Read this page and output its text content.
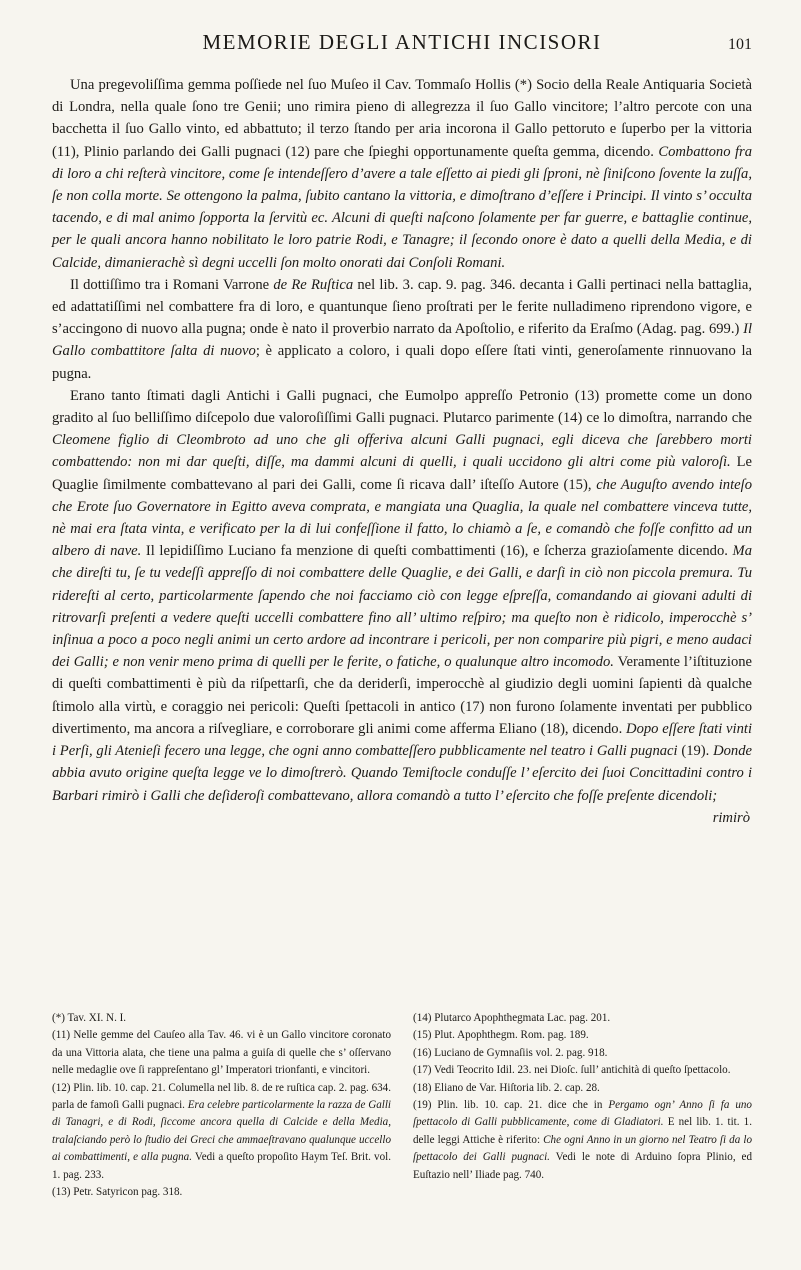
MEMORIE DEGLI ANTICHI INCISORI	101

Una pregevoliſſima gemma poſſiede nel ſuo Muſeo il Cav. Tommaſo Hollis (*) Socio della Reale Antiquaria Società di Londra, nella quale ſono tre Genii; uno rimira pieno di allegrezza il ſuo Gallo vincitore; l’altro percote con una bacchetta il ſuo Gallo vinto, ed abbattuto; il terzo ſtando per aria incorona il Gallo pettoruto e ſuperbo per la vittoria (11), Plinio parlando dei Galli pugnaci (12) pare che ſpieghi opportunamente queſta gemma, dicendo. Combattono fra di loro a chi reſterà vincitore, come ſe intendeſſero d’avere a tale eſſetto ai piedi gli ſproni, nè ſiniſcono ſovente la zuſſa, ſe non colla morte. Se ottengono la palma, ſubito cantano la vittoria, e dimoſtrano d’eſſere i Principi. Il vinto s’ occulta tacendo, e di mal animo ſopporta la ſervitù ec. Alcuni di queſti naſcono ſolamente per far guerre, e battaglie continue, per le quali ancora hanno nobilitato le loro patrie Rodi, e Tanagre; il ſecondo onore è dato a quelli della Media, e di Calcide, dimanierachè sì degni uccelli ſon molto onorati dai Conſoli Romani.

Il dottiſſimo tra i Romani Varrone de Re Ruſtica nel lib. 3. cap. 9. pag. 346. decanta i Galli pertinaci nella battaglia, ed adattatiſſimi nel combattere fra di loro, e quantunque ſieno proſtrati per le ferite nulladimeno riprendono vigore, e s’accingono di nuovo alla pugna; onde è nato il proverbio narrato da Apoſtolio, e riferito da Eraſmo (Adag. pag. 699.) Il Gallo combattitore ſalta di nuovo; è applicato a coloro, i quali dopo eſſere ſtati vinti, generoſamente rinnuovano la pugna.

Erano tanto ſtimati dagli Antichi i Galli pugnaci, che Eumolpo appreſſo Petronio (13) promette come un dono gradito al ſuo belliſſimo diſcepolo due valoroſiſſimi Galli pugnaci. Plutarco parimente (14) ce lo dimoſtra, narrando che Cleomene figlio di Cleombroto ad uno che gli offeriva alcuni Galli pugnaci, egli diceva che ſarebbero morti combattendo: non mi dar queſti, diſſe, ma dammi alcuni di quelli, i quali uccidono gli altri come più valoroſi. Le Quaglie ſimilmente combattevano al pari dei Galli, come ſi ricava dall’ iſteſſo Autore (15), che Auguſto avendo inteſo che Erote ſuo Governatore in Egitto aveva comprata, e mangiata una Quaglia, la quale nel combattere vinceva tutte, nè mai era ſtata vinta, e verificato per la di lui confeſſione il fatto, lo chiamò a ſe, e comandò che foſſe confitto ad un albero di nave. Il lepidiſſimo Luciano fa menzione di queſti combattimenti (16), e ſcherza grazioſamente dicendo. Ma che direſti tu, ſe tu vedeſſi appreſſo di noi combattere delle Quaglie, e dei Galli, e darſi in ciò non piccola premura. Tu ridereſti al certo, particolarmente ſapendo che noi facciamo ciò con legge eſpreſſa, comandando ai giovani adulti di ritrovarſi preſenti a vedere queſti uccelli combattere fino all’ ultimo reſpiro; ma queſto non è ridicolo, imperocchè s’ inſinua a poco a poco negli animi un certo ardore ad incontrare i pericoli, per non comparire più pigri, e meno audaci dei Galli; e non venir meno prima di quelli per le ferite, o fatiche, o qualunque altro incomodo. Veramente l’iſtituzione di queſti combattimenti è più da riſpettarſi, che da deriderſi, imperocchè al giudizio degli uomini ſapienti dà qualche ſtimolo alla virtù, e coraggio nei pericoli: Queſti ſpettacoli in antico (17) non furono ſolamente inventati per pubblico divertimento, ma ancora a riſvegliare, e corroborare gli animi come afferma Eliano (18), dicendo. Dopo eſſere ſtati vinti i Perſi, gli Atenieſi fecero una legge, che ogni anno combatteſſero pubblicamente nel teatro i Galli pugnaci (19). Donde abbia avuto origine queſta legge ve lo dimoſtrerò. Quando Temiſtocle conduſſe l’ eſercito dei ſuoi Concittadini contro i Barbari rimirò i Galli che deſideroſi combattevano, allora comandò a tutto l’ eſercito che foſſe preſente dicendoli;

rimirò

(*) Tav. XI. N. I.

(11) Nelle gemme del Cauſeo alla Tav. 46. vi è un Gallo vincitore coronato da una Vittoria alata, che tiene una palma a guiſa di quelle che s’ oſſervano nelle medaglie ove ſi rappreſentano gl’ Imperatori trionfanti, e vincitori.

(12) Plin. lib. 10. cap. 21. Columella nel lib. 8. de re ruſtica cap. 2. pag. 634. parla de famoſi Galli pugnaci. Era celebre particolarmente la razza de Galli di Tanagri, e di Rodi, ſiccome ancora quella di Calcide e della Media, tralaſciando però lo ſtudio dei Greci che ammaeſtravano qualunque uccello ai combattimenti, e alla pugna. Vedi a queſto propoſito Haym Teſ. Brit. vol. 1. pag. 233.

(13) Petr. Satyricon pag. 318.

(14) Plutarco Apophthegmata Lac. pag. 201.

(15) Plut. Apophthegm. Rom. pag. 189.

(16) Luciano de Gymnaſiis vol. 2. pag. 918.

(17) Vedi Teocrito Idil. 23. nei Dioſc. ſull’ antichità di queſto ſpettacolo.

(18) Eliano de Var. Hiſtoria lib. 2. cap. 28.

(19) Plin. lib. 10. cap. 21. dice che in Pergamo ogn’ Anno ſi fa uno ſpettacolo di Galli pubblicamente, come di Gladiatori. E nel lib. 1. tit. 1. delle leggi Attiche è riferito: Che ogni Anno in un giorno nel Teatro ſi da lo ſpettacolo dei Galli pugnaci. Vedi le note di Arduino ſopra Plinio, ed Euſtazio nell’ Iliade pag. 740.
